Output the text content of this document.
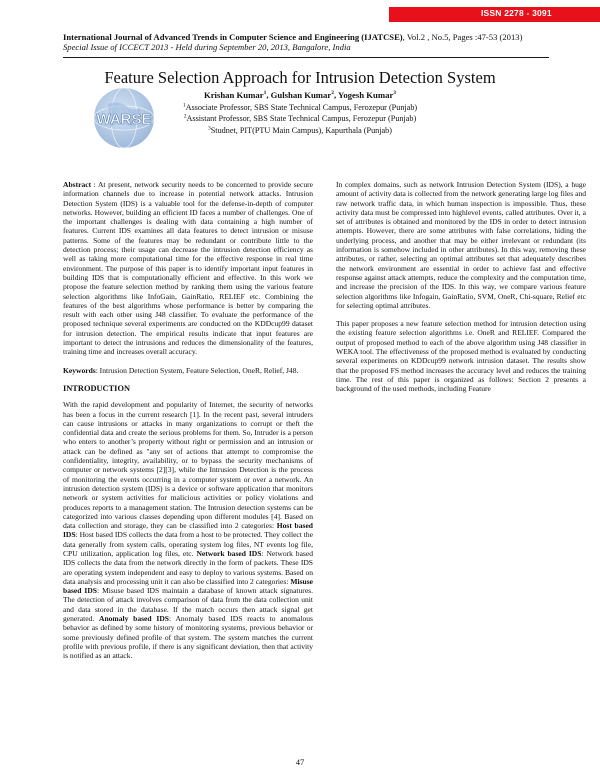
ISSN 2278 - 3091
International Journal of Advanced Trends in Computer Science and Engineering (IJATCSE), Vol.2 , No.5, Pages :47-53 (2013)
Special Issue of ICCECT 2013 - Held during September 20, 2013, Bangalore, India
WARSE
Feature Selection Approach for Intrusion Detection System
Krishan Kumar$^1$, Gulshan Kumar$^2$, Yogesh Kumar$^3$
$^1$Associate Professor, SBS State Technical Campus, Ferozepur (Punjab)
$^2$Assistant Professor, SBS State Technical Campus, Ferozepur (Punjab)
$^3$Studnet, PIT(PTU Main Campus), Kapurthala (Punjab)

Abstract : At present, network security needs to be concerned to provide secure information channels due to increase in potential network attacks. Intrusion Detection System (IDS) is a valuable tool for the defense-in-depth of computer networks. However, building an efficient ID faces a number of challenges. One of the important challenges is dealing with data containing a high number of features. Current IDS examines all data features to detect intrusion or misuse patterns. Some of the features may be redundant or contribute little to the detection process; their usage can decrease the intrusion detection efficiency as well as taking more computational time for the effective response in real time environment. The purpose of this paper is to identify important input features in building IDS that is computationally efficient and effective. In this work we propose the feature selection method by ranking them using the various feature selection algorithms like InfoGain, GainRatio, RELIEF etc. Combining the features of the best algorithms whose performance is better by comparing the result with each other using J48 classifier. To evaluate the performance of the proposed technique several experiments are conducted on the KDDcup99 dataset for intrusion detection. The empirical results indicate that input features are important to detect the intrusions and reduces the dimensionality of the features, training time and increases overall accuracy.

Keywords: Intrusion Detection System, Feature Selection, OneR, Relief, J48.

INTRODUCTION

With the rapid development and popularity of Internet, the security of networks has been a focus in the current research [1]. In the recent past, several intruders can cause intrusions or attacks in many organizations to corrupt or theft the confidential data and create the serious problems for them. So, Intruder is a person who enters to another’s property without right or permission and an intrusion or attack can be defined as "any set of actions that attempt to compromise the confidentiality, integrity, availability, or to bypass the security mechanisms of computer or network systems [2][3], while the Intrusion Detection is the process of monitoring the events occurring in a computer system or over a network. An intrusion detection system (IDS) is a device or software application that monitors network or system activities for malicious activities or policy violations and produces reports to a management station. The Intrusion detection systems can be categorized into various classes depending upon different modules [4]. Based on data collection and storage, they can be classified into 2 categories: Host based IDS: Host based IDS collects the data from a host to be protected. They collect the data generally from system calls, operating system log files, NT events log file, CPU utilization, application log files, etc. Network based IDS: Network based IDS collects the data from the network directly in the form of packets. These IDS are operating system independent and easy to deploy to various systems. Based on data analysis and processing unit it can also be classified into 2 categories: Misuse based IDS: Misuse based IDS maintain a database of known attack signatures. The detection of attack involves comparison of data from the data collection unit and data stored in the database. If the match occurs then attack signal get generated. Anomaly based IDS: Anomaly based IDS reacts to anomalous behavior as defined by some history of monitoring systems, previous behavior or some previously defined profile of that system. The system matches the current profile with previous profile, if there is any significant deviation, then that activity is notified as an attack.

In complex domains, such as network Intrusion Detection System (IDS), a huge amount of activity data is collected from the network generating large log files and raw network traffic data, in which human inspection is impossible. Thus, these activity data must be compressed into highlevel events, called attributes. Over it, a set of attributes is obtained and monitored by the IDS in order to detect intrusion attempts. However, there are some attributes with false correlations, hiding the underlying process, and another that may be either irrelevant or redundant (its information is somehow included in other attributes). In this way, removing these attributes, or rather, selecting an optimal attributes set that adequately describes the network environment are essential in order to achieve fast and effective response against attack attempts, reduce the complexity and the computation time, and increase the precision of the IDS. In this way, we compare various feature selection algorithms like Infogain, GainRatio, SVM, OneR, Chi-square, Relief etc for selecting optimal attributes.

This paper proposes a new feature selection method for intrusion detection using the existing feature selection algorithms i.e. OneR and RELIEF. Compared the output of proposed method to each of the above algorithm using J48 classifier in WEKA tool. The effectiveness of the proposed method is evaluated by conducting several experiments on KDDcup99 network intrusion dataset. The results show that the proposed FS method increases the accuracy level and reduces the training time. The rest of this paper is organized as follows: Section 2 presents a background of the used methods, including Feature

47
